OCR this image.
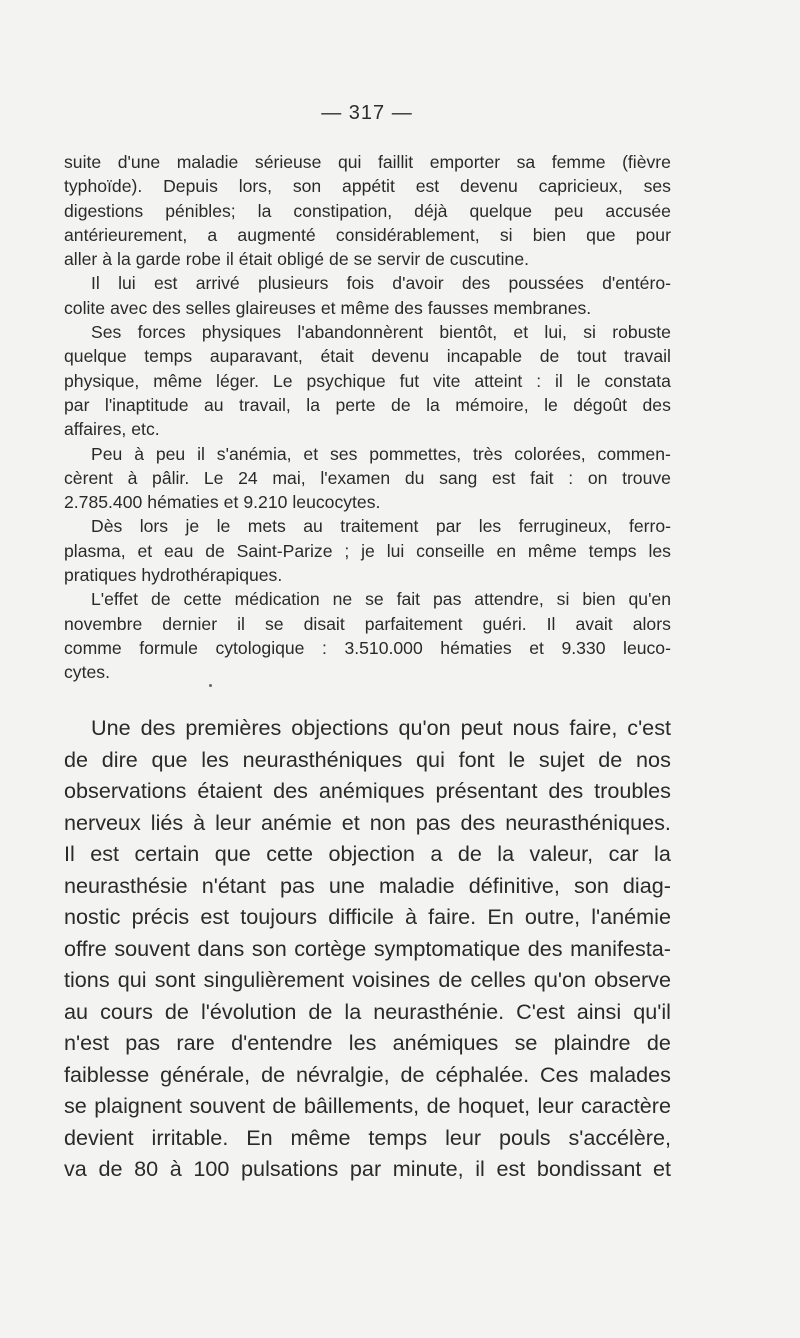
— 317 —
suite d'une maladie sérieuse qui faillit emporter sa femme (fièvre
typhoïde). Depuis lors, son appétit est devenu capricieux, ses
digestions pénibles; la constipation, déjà quelque peu accusée
antérieurement, a augmenté considérablement, si bien que pour
aller à la garde robe il était obligé de se servir de cuscutine.
Il lui est arrivé plusieurs fois d'avoir des poussées d'entéro-
colite avec des selles glaireuses et même des fausses membranes.
Ses forces physiques l'abandonnèrent bientôt, et lui, si robuste
quelque temps auparavant, était devenu incapable de tout travail
physique, même léger. Le psychique fut vite atteint : il le constata
par l'inaptitude au travail, la perte de la mémoire, le dégoût des
affaires, etc.
Peu à peu il s'anémia, et ses pommettes, très colorées, commen-
cèrent à pâlir. Le 24 mai, l'examen du sang est fait : on trouve
2.785.400 hématies et 9.210 leucocytes.
Dès lors je le mets au traitement par les ferrugineux, ferro-
plasma, et eau de Saint-Parize ; je lui conseille en même temps les
pratiques hydrothérapiques.
L'effet de cette médication ne se fait pas attendre, si bien qu'en
novembre dernier il se disait parfaitement guéri. Il avait alors
comme formule cytologique : 3.510.000 hématies et 9.330 leuco-
cytes.
Une des premières objections qu'on peut nous faire, c'est
de dire que les neurasthéniques qui font le sujet de nos
observations étaient des anémiques présentant des troubles
nerveux liés à leur anémie et non pas des neurasthéniques.
Il est certain que cette objection a de la valeur, car la
neurasthésie n'étant pas une maladie définitive, son diag-
nostic précis est toujours difficile à faire. En outre, l'anémie
offre souvent dans son cortège symptomatique des manifesta-
tions qui sont singulièrement voisines de celles qu'on observe
au cours de l'évolution de la neurasthénie. C'est ainsi qu'il
n'est pas rare d'entendre les anémiques se plaindre de
faiblesse générale, de névralgie, de céphalée. Ces malades
se plaignent souvent de bâillements, de hoquet, leur caractère
devient irritable. En même temps leur pouls s'accélère,
va de 80 à 100 pulsations par minute, il est bondissant et
